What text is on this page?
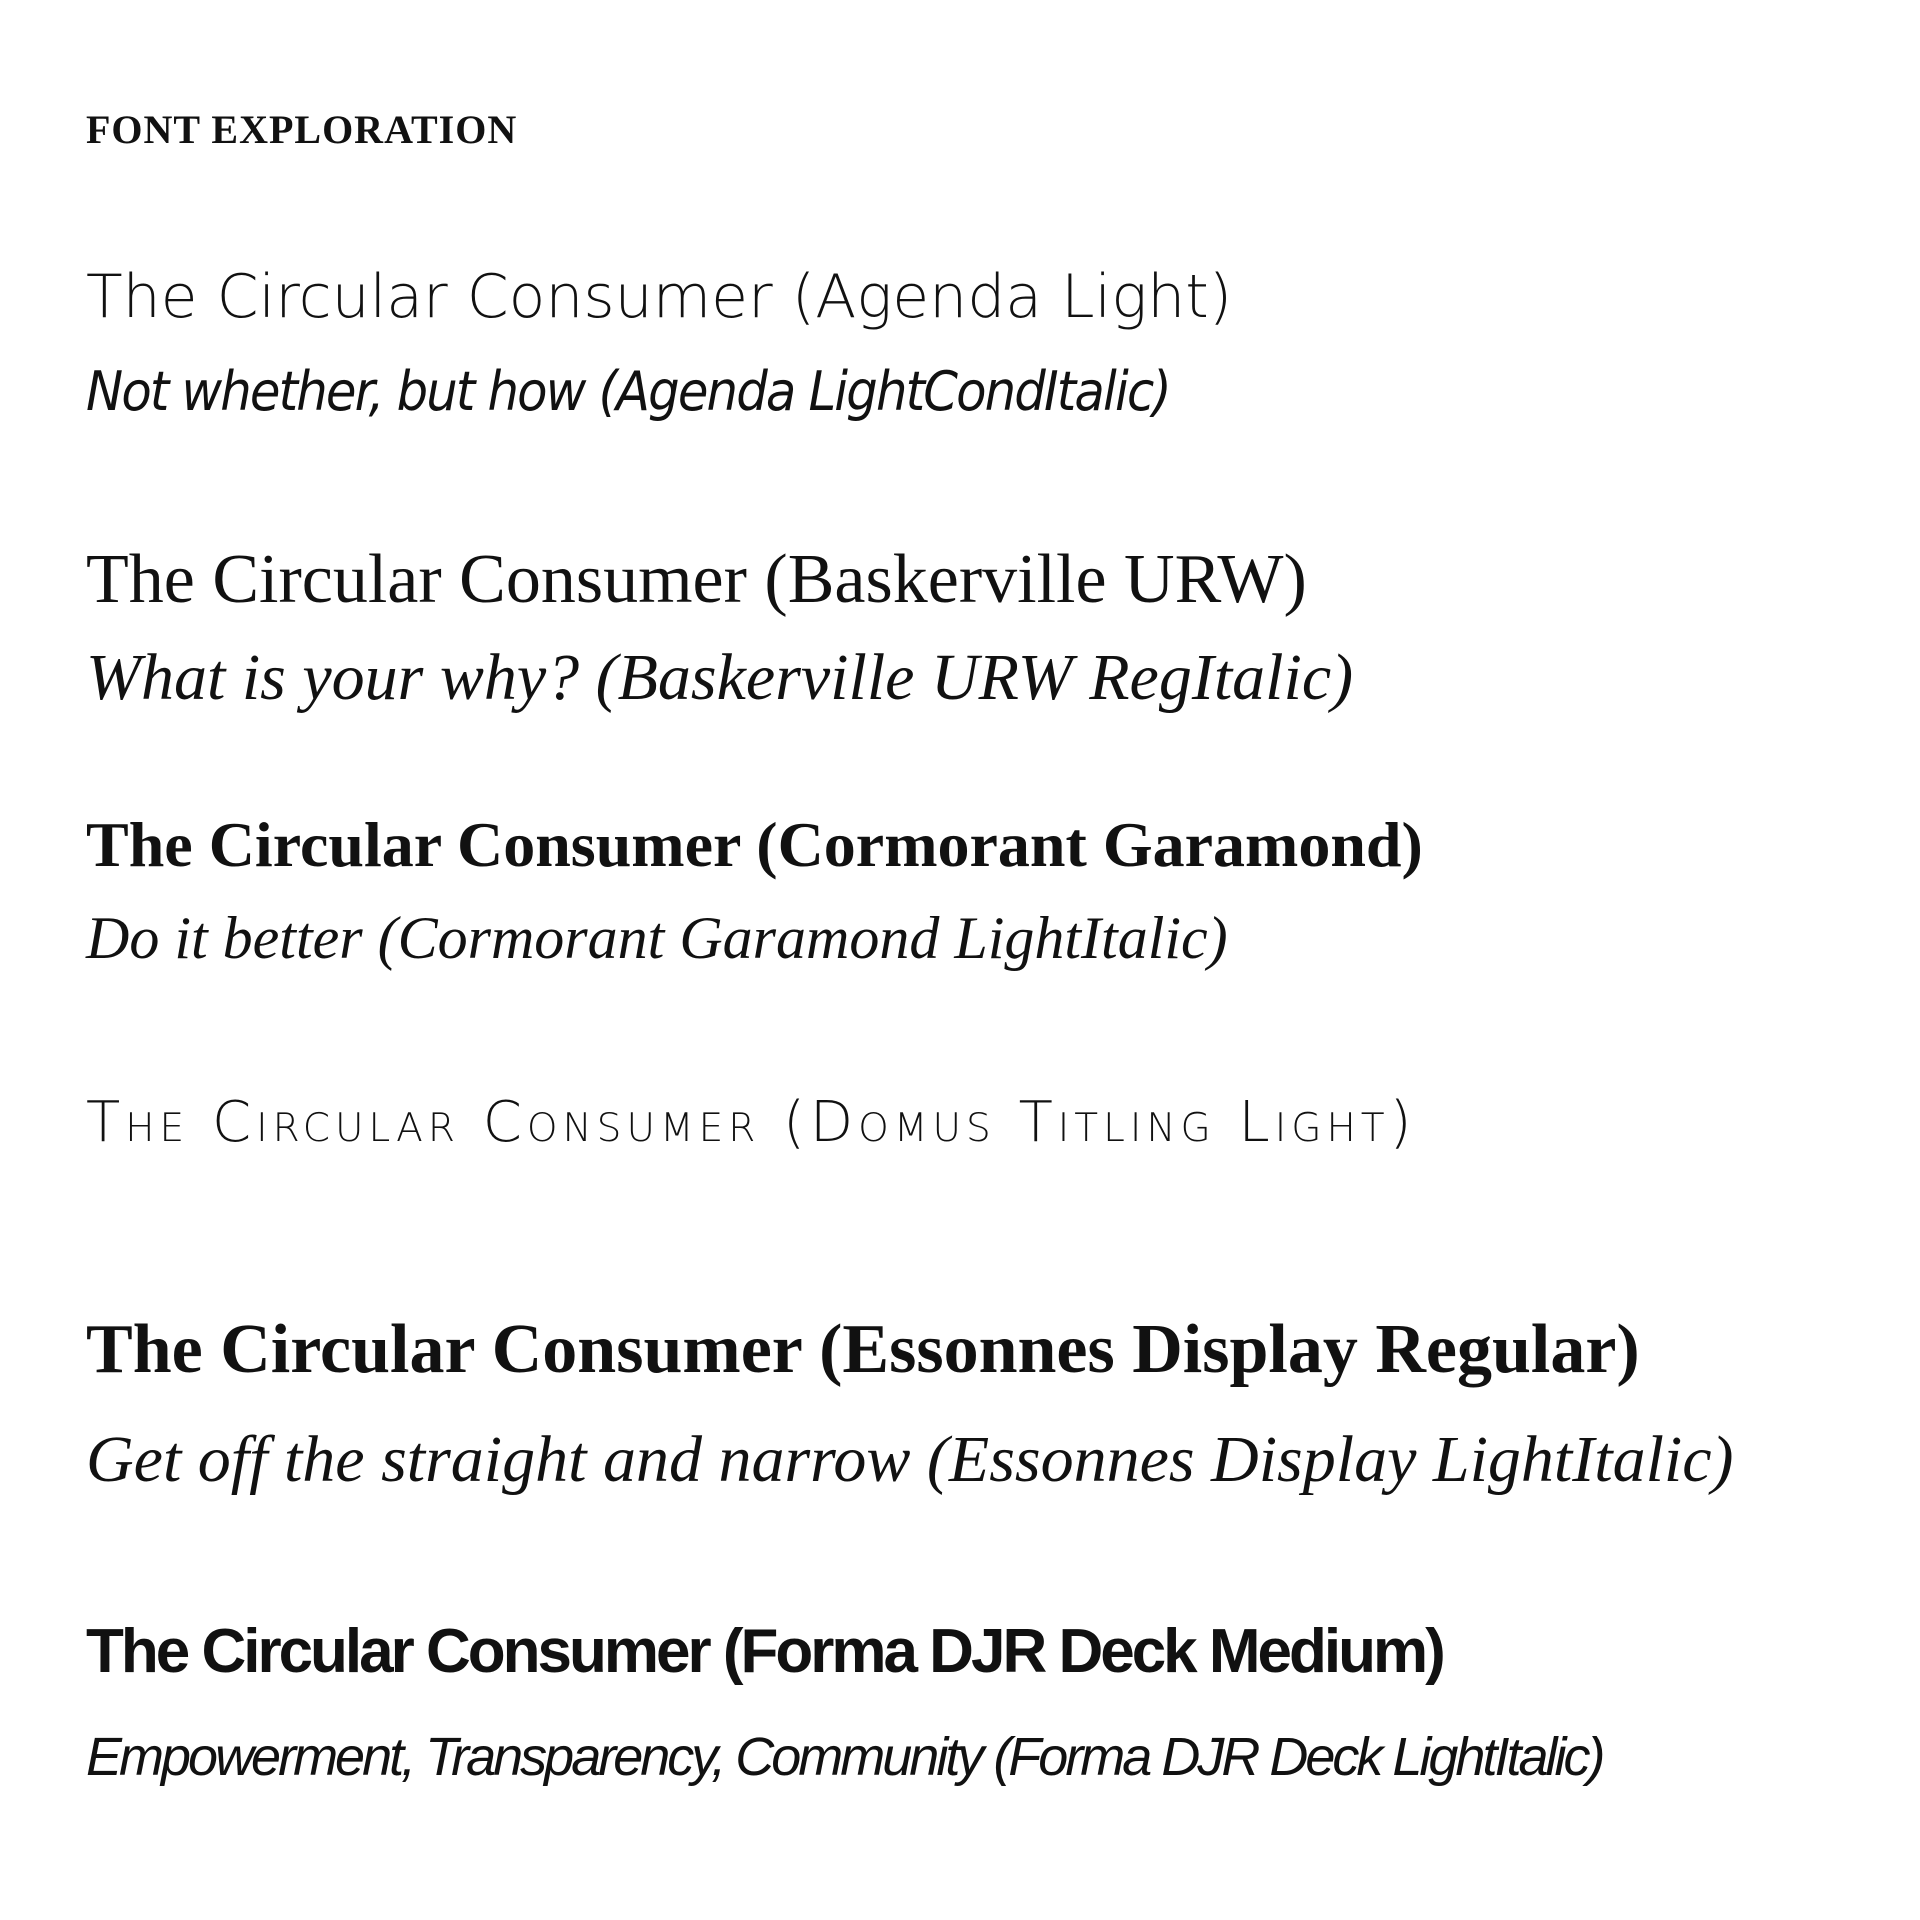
FONT EXPLORATION
The Circular Consumer (Agenda Light)
Not whether, but how (Agenda LightCondItalic)
The Circular Consumer (Baskerville URW)
What is your why? (Baskerville URW RegItalic)
The Circular Consumer (Cormorant Garamond)
Do it better (Cormorant Garamond LightItalic)
The Circular Consumer (Domus Titling Light)
The Circular Consumer (Essonnes Display Regular)
Get off the straight and narrow (Essonnes Display LightItalic)
The Circular Consumer (Forma DJR Deck Medium)
Empowerment, Transparency, Community (Forma DJR Deck LightItalic)
